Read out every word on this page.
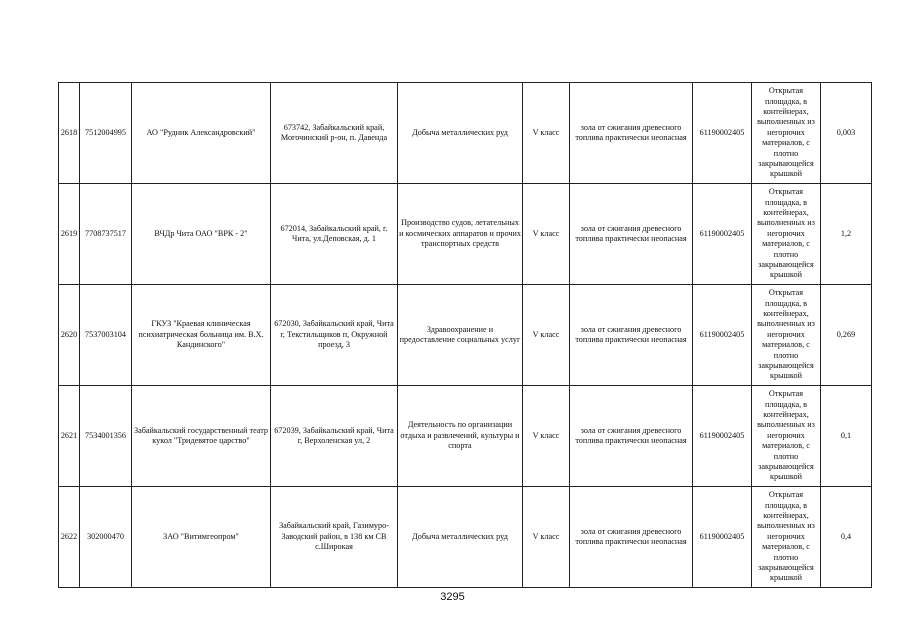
2618	7512004995	АО "Рудник Александровский"	673742, Забайкальский край, Могочинский р-он, п. Давенда	Добыча металлических руд	V класс	зола от сжигания древесного топлива практически неопасная	61190002405	Открытая площадка, в контейнерах, выполненных из негорючих материалов, с плотно закрывающейся крышкой	0,003
2619	7708737517	ВЧДр Чита ОАО "ВРК - 2"	672014, Забайкальский край, г. Чита, ул.Деповская, д. 1	Производство судов, летательных и космических аппаратов и прочих транспортных средств	V класс	зола от сжигания древесного топлива практически неопасная	61190002405	Открытая площадка, в контейнерах, выполненных из негорючих материалов, с плотно закрывающейся крышкой	1,2
2620	7537003104	ГКУЗ "Краевая клиническая психиатрическая больница им. В.Х. Кандинского"	672030, Забайкальский край, Чита г, Текстильщиков п, Окружной проезд, 3	Здравоохранение и предоставление социальных услуг	V класс	зола от сжигания древесного топлива практически неопасная	61190002405	Открытая площадка, в контейнерах, выполненных из негорючих материалов, с плотно закрывающейся крышкой	0,269
2621	7534001356	Забайкальский государственный театр кукол "Тридевятое царство"	672039, Забайкальский край, Чита г, Верхоленская ул, 2	Деятельность по организации отдыха и развлечений, культуры и спорта	V класс	зола от сжигания древесного топлива практически неопасная	61190002405	Открытая площадка, в контейнерах, выполненных из негорючих материалов, с плотно закрывающейся крышкой	0,1
2622	302000470	ЗАО "Витимгеопром"	Забайкальский край, Газимуро-Заводский район, в 138 км СВ с.Широкая	Добыча металлических руд	V класс	зола от сжигания древесного топлива практически неопасная	61190002405	Открытая площадка, в контейнерах, выполненных из негорючих материалов, с плотно закрывающейся крышкой	0,4
3295
